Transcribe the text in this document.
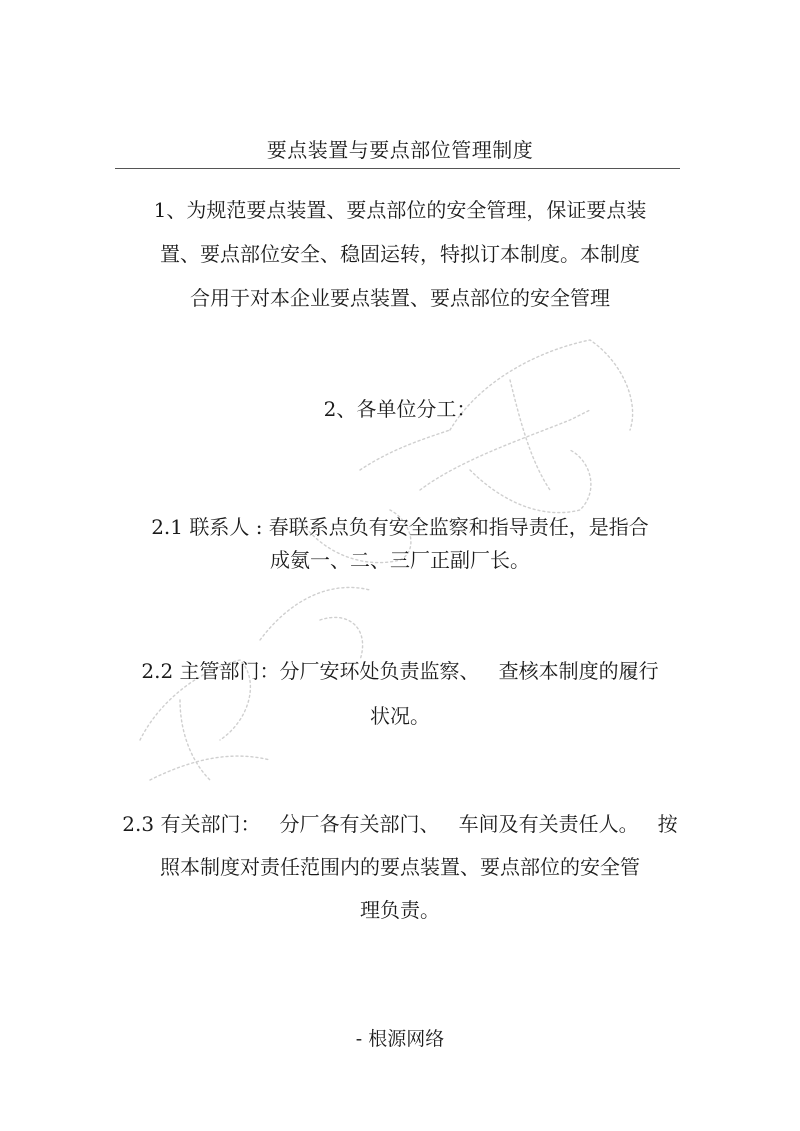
要点装置与要点部位管理制度
1、为规范要点装置、要点部位的安全管理，保证要点装
置、要点部位安全、稳固运转，特拟订本制度。本制度
合用于对本企业要点装置、要点部位的安全管理
2、各单位分工：
2.1 联系人 : 春联系点负有安全监察和指导责任，是指合
成氨一、二、三厂正副厂长。
2.2 主管部门：分厂安环处负责监察、   查核本制度的履行
状况。
2.3 有关部门：   分厂各有关部门、   车间及有关责任人。   按
照本制度对责任范围内的要点装置、要点部位的安全管
理负责。
- 根源网络
